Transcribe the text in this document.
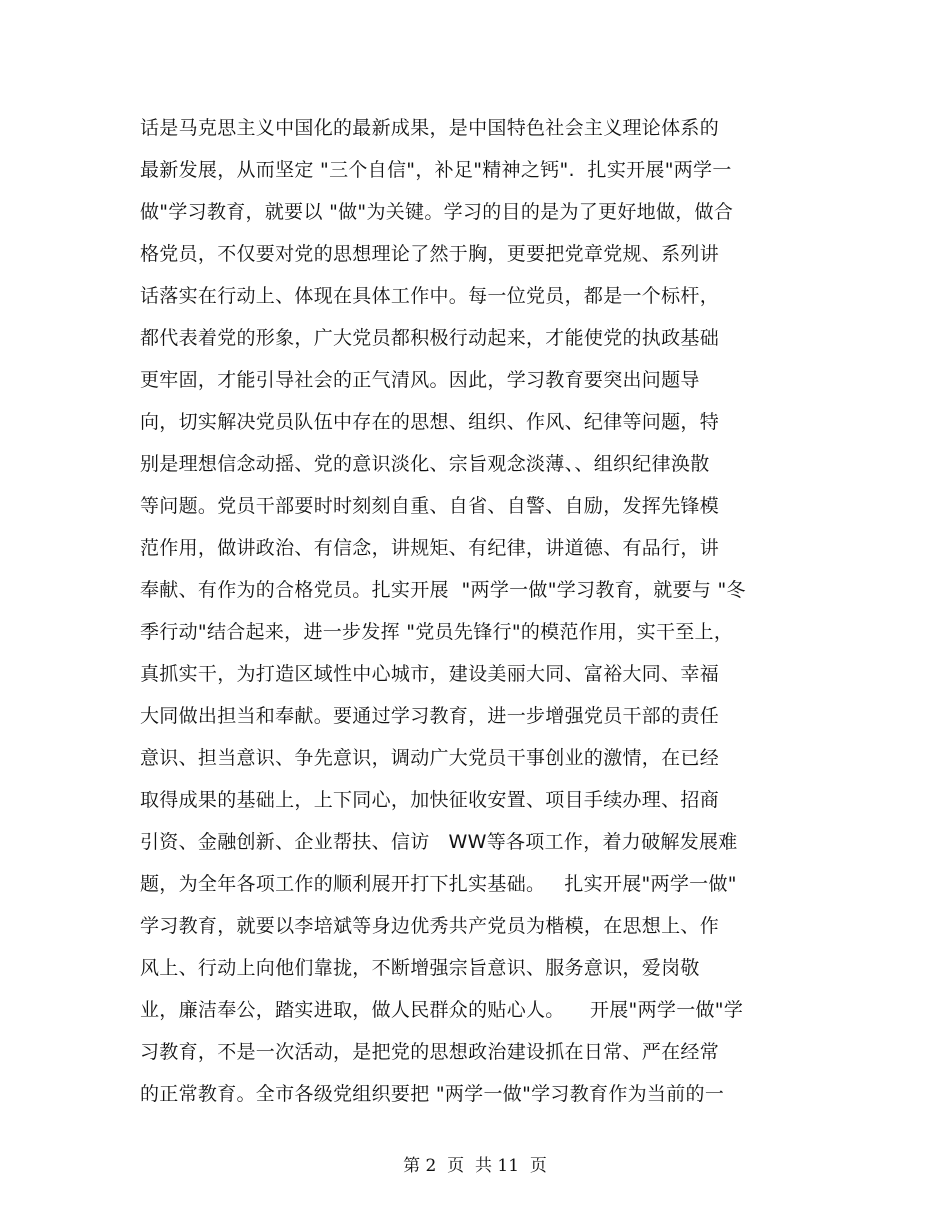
话是马克思主义中国化的最新成果，是中国特色社会主义理论体系的
最新发展，从而坚定 "三个自信"，补足"精神之钙".  扎实开展"两学一
做"学习教育，就要以 "做"为关键。学习的目的是为了更好地做，做合
格党员，不仅要对党的思想理论了然于胸，更要把党章党规、系列讲
话落实在行动上、体现在具体工作中。每一位党员，都是一个标杆，
都代表着党的形象，广大党员都积极行动起来，才能使党的执政基础
更牢固，才能引导社会的正气清风。因此，学习教育要突出问题导
向，切实解决党员队伍中存在的思想、组织、作风、纪律等问题，特
别是理想信念动摇、党的意识淡化、宗旨观念淡薄、、组织纪律涣散
等问题。党员干部要时时刻刻自重、自省、自警、自励，发挥先锋模
范作用，做讲政治、有信念，讲规矩、有纪律，讲道德、有品行，讲
奉献、有作为的合格党员。扎实开展  "两学一做"学习教育，就要与 "冬
季行动"结合起来，进一步发挥 "党员先锋行"的模范作用，实干至上，
真抓实干，为打造区域性中心城市，建设美丽大同、富裕大同、幸福
大同做出担当和奉献。要通过学习教育，进一步增强党员干部的责任
意识、担当意识、争先意识，调动广大党员干事创业的激情，在已经
取得成果的基础上，上下同心，加快征收安置、项目手续办理、招商
引资、金融创新、企业帮扶、信访   WW等各项工作，着力破解发展难
题，为全年各项工作的顺利展开打下扎实基础。   扎实开展"两学一做"
学习教育，就要以李培斌等身边优秀共产党员为楷模，在思想上、作
风上、行动上向他们靠拢，不断增强宗旨意识、服务意识，爱岗敬
业，廉洁奉公，踏实进取，做人民群众的贴心人。    开展"两学一做"学
习教育，不是一次活动，是把党的思想政治建设抓在日常、严在经常
的正常教育。全市各级党组织要把 "两学一做"学习教育作为当前的一
第 2  页  共 11  页
